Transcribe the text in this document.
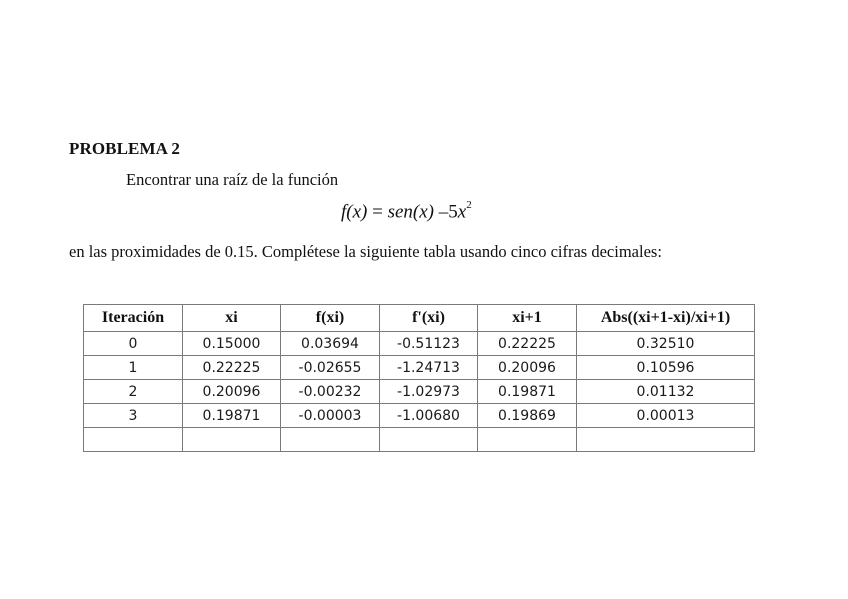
PROBLEMA 2
Encontrar una raíz de la función
f(x) = sen(x) $-5x^2$
en las proximidades de 0.15. Complétese la siguiente tabla usando cinco cifras decimales:
Iteración	xi	f(xi)	f'(xi)	xi+1	Abs((xi+1-xi)/xi+1)
0	0.15000	0.03694	-0.51123	0.22225	0.32510
1	0.22225	-0.02655	-1.24713	0.20096	0.10596
2	0.20096	-0.00232	-1.02973	0.19871	0.01132
3	0.19871	-0.00003	-1.00680	0.19869	0.00013
